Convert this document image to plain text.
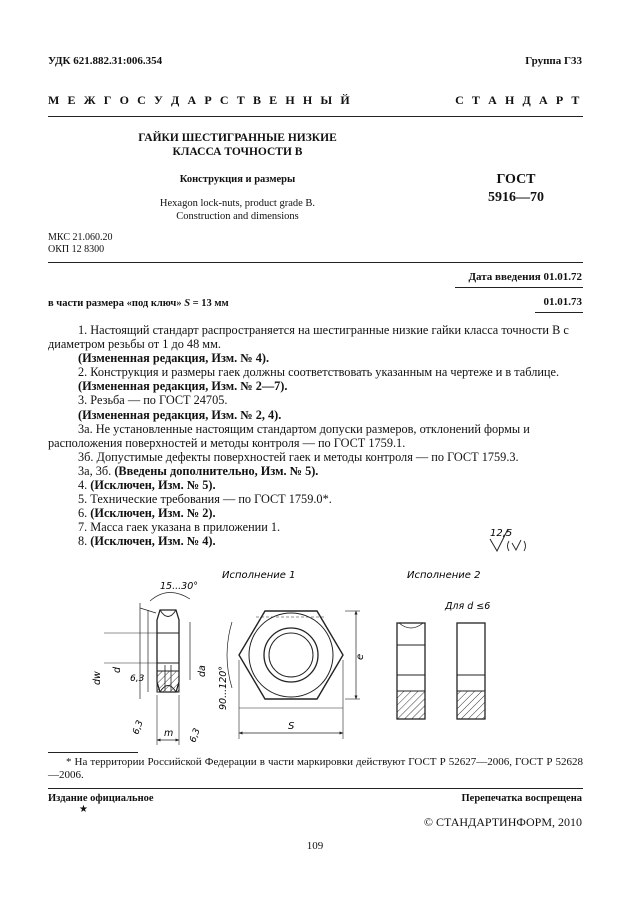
УДК 621.882.31:006.354	Группа Г33
М Е Ж Г О С У Д А Р С Т В Е Н Н Ы Й	С Т А Н Д А Р Т
ГАЙКИ ШЕСТИГРАННЫЕ НИЗКИЕ
КЛАССА ТОЧНОСТИ В
Конструкция и размеры
Hexagon lock-nuts, product grade B.
Construction and dimensions
ГОСТ
5916—70
МКС 21.060.20
ОКП 12 8300
Дата введения 01.01.72
в части размера «под ключ» S = 13 мм	01.01.73
1. Настоящий стандарт распространяется на шестигранные низкие гайки класса точности В с диаметром резьбы от 1 до 48 мм.
(Измененная редакция, Изм. № 4).
2. Конструкция и размеры гаек должны соответствовать указанным на чертеже и в таблице.
(Измененная редакция, Изм. № 2—7).
3. Резьба — по ГОСТ 24705.
(Измененная редакция, Изм. № 2, 4).
3а. Не установленные настоящим стандартом допуски размеров, отклонений формы и расположения поверхностей и методы контроля — по ГОСТ 1759.1.
3б. Допустимые дефекты поверхностей гаек и методы контроля — по ГОСТ 1759.3.
3а, 3б. (Введены дополнительно, Изм. № 5).
4. (Исключен, Изм. № 5).
5. Технические требования — по ГОСТ 1759.0*.
6. (Исключен, Изм. № 2).
7. Масса гаек указана в приложении 1.
8. (Исключен, Изм. № 4).
12,5
Исполнение 1	Исполнение 2
Для d ≤6
15...30°
dw
d
6,3
6,3	6,3
m
da 90...120°
S
e
* На территории Российской Федерации в части маркировки действуют ГОСТ Р 52627—2006, ГОСТ Р 52628—2006.
Издание официальное
★
Перепечатка воспрещена
© СТАНДАРТИНФОРМ, 2010
109
